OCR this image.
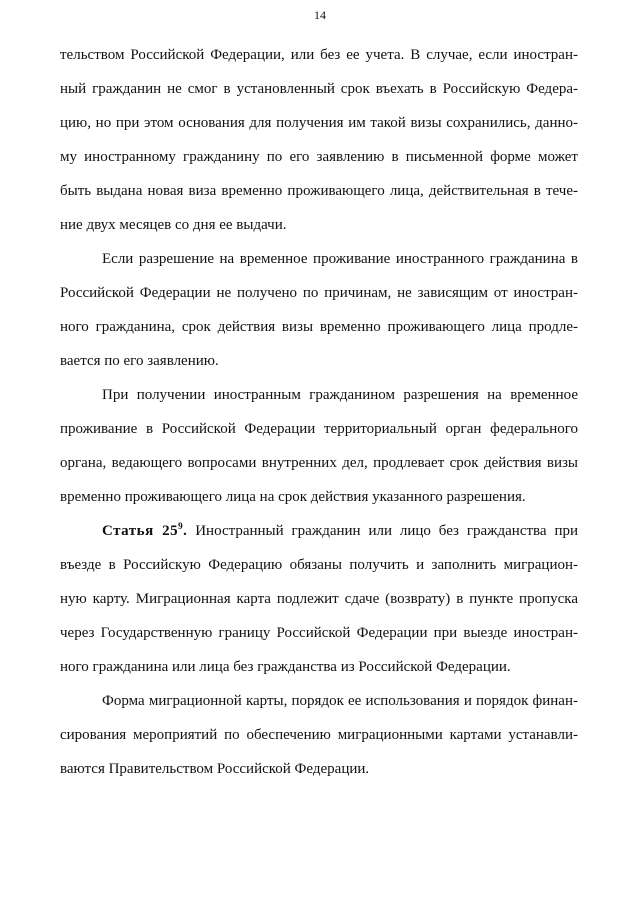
14
тельством Российской Федерации, или без ее учета. В случае, если иностран-
ный гражданин не смог в установленный срок въехать в Российскую Федера-
цию, но при этом основания для получения им такой визы сохранились, данно-
му иностранному гражданину по его заявлению в письменной форме может
быть выдана новая виза временно проживающего лица, действительная в тече-
ние двух месяцев со дня ее выдачи.
Если разрешение на временное проживание иностранного гражданина в
Российской Федерации не получено по причинам, не зависящим от иностран-
ного гражданина, срок действия визы временно проживающего лица продле-
вается по его заявлению.
При получении иностранным гражданином разрешения на временное
проживание в Российской Федерации территориальный орган федерального
органа, ведающего вопросами внутренних дел, продлевает срок действия визы
временно проживающего лица на срок действия указанного разрешения.
Статья $25^9$. Иностранный гражданин или лицо без гражданства при
въезде в Российскую Федерацию обязаны получить и заполнить миграцион-
ную карту. Миграционная карта подлежит сдаче (возврату) в пункте пропуска
через Государственную границу Российской Федерации при выезде иностран-
ного гражданина или лица без гражданства из Российской Федерации.
Форма миграционной карты, порядок ее использования и порядок финан-
сирования мероприятий по обеспечению миграционными картами устанавли-
ваются Правительством Российской Федерации.
